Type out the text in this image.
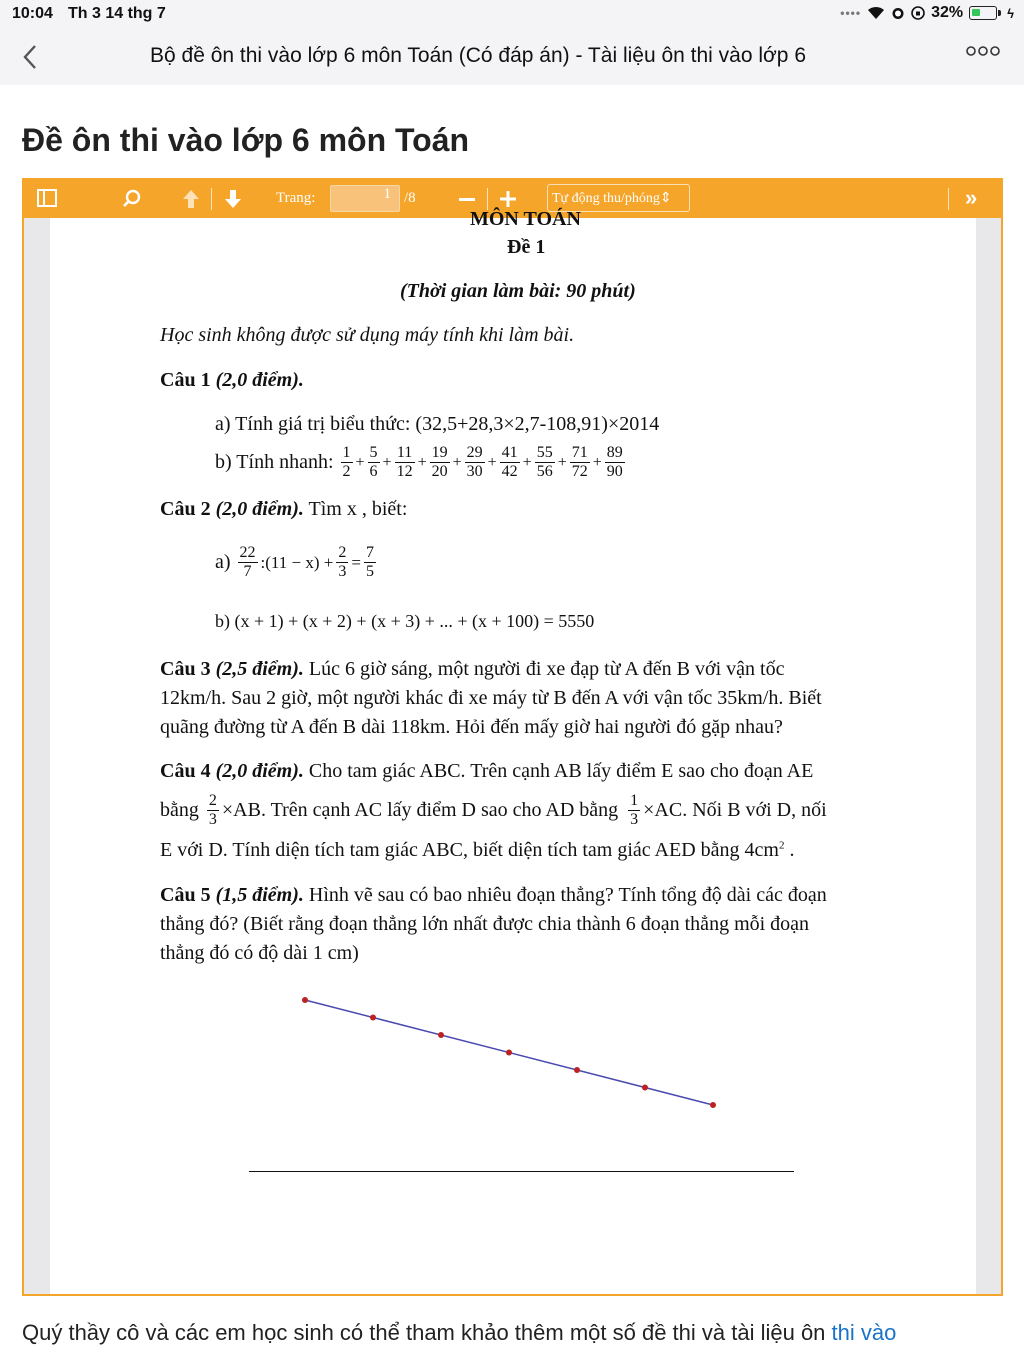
10:04 Th 3 14 thg 7	••••	32%	ϟ
Bộ đề ôn thi vào lớp 6 môn Toán (Có đáp án) - Tài liệu ôn thi vào lớp 6
Đề ôn thi vào lớp 6 môn Toán
Trang:	1 /8	Tự động thu/phóng⇕	»
MÔN TOÁN
Đề 1
(Thời gian làm bài: 90 phút)
Học sinh không được sử dụng máy tính khi làm bài.
Câu 1 (2,0 điểm).
a) Tính giá trị biểu thức: (32,5+28,3×2,7-108,91)×2014
b) Tính nhanh: $\frac{1}{2} + \frac{5}{6} + \frac{11}{12} + \frac{19}{20} + \frac{29}{30} + \frac{41}{42} + \frac{55}{56} + \frac{71}{72} + \frac{89}{90}$
Câu 2 (2,0 điểm). Tìm x , biết:
$a) \frac{22}{7}$ :(11 − $x) + \frac{2}{3} = \frac{7}{5}$
b) (x + 1) + (x + 2) + (x + 3) + ... + (x + 100) = 5550
Câu 3 (2,5 điểm). Lúc 6 giờ sáng, một người đi xe đạp từ A đến B với vận tốc
12km/h. Sau 2 giờ, một người khác đi xe máy từ B đến A với vận tốc 35km/h. Biết
quãng đường từ A đến B dài 118km. Hỏi đến mấy giờ hai người đó gặp nhau?
Câu 4 (2,0 điểm). Cho tam giác ABC. Trên cạnh AB lấy điểm E sao cho đoạn AE
bằng $\frac{2}{3} \times AB$. Trên cạnh AC lấy điểm D sao cho AD bằng $\frac{1}{3} \times AC$. Nối B với D, nối
E với D. Tính diện tích tam giác ABC, biết diện tích tam giác AED bằng $4cm^2$ .
Câu 5 (1,5 điểm). Hình vẽ sau có bao nhiêu đoạn thẳng? Tính tổng độ dài các đoạn
thẳng đó? (Biết rằng đoạn thẳng lớn nhất được chia thành 6 đoạn thẳng mỗi đoạn
thẳng đó có độ dài 1 cm)
Quý thầy cô và các em học sinh có thể tham khảo thêm một số đề thi và tài liệu ôn thi vào
